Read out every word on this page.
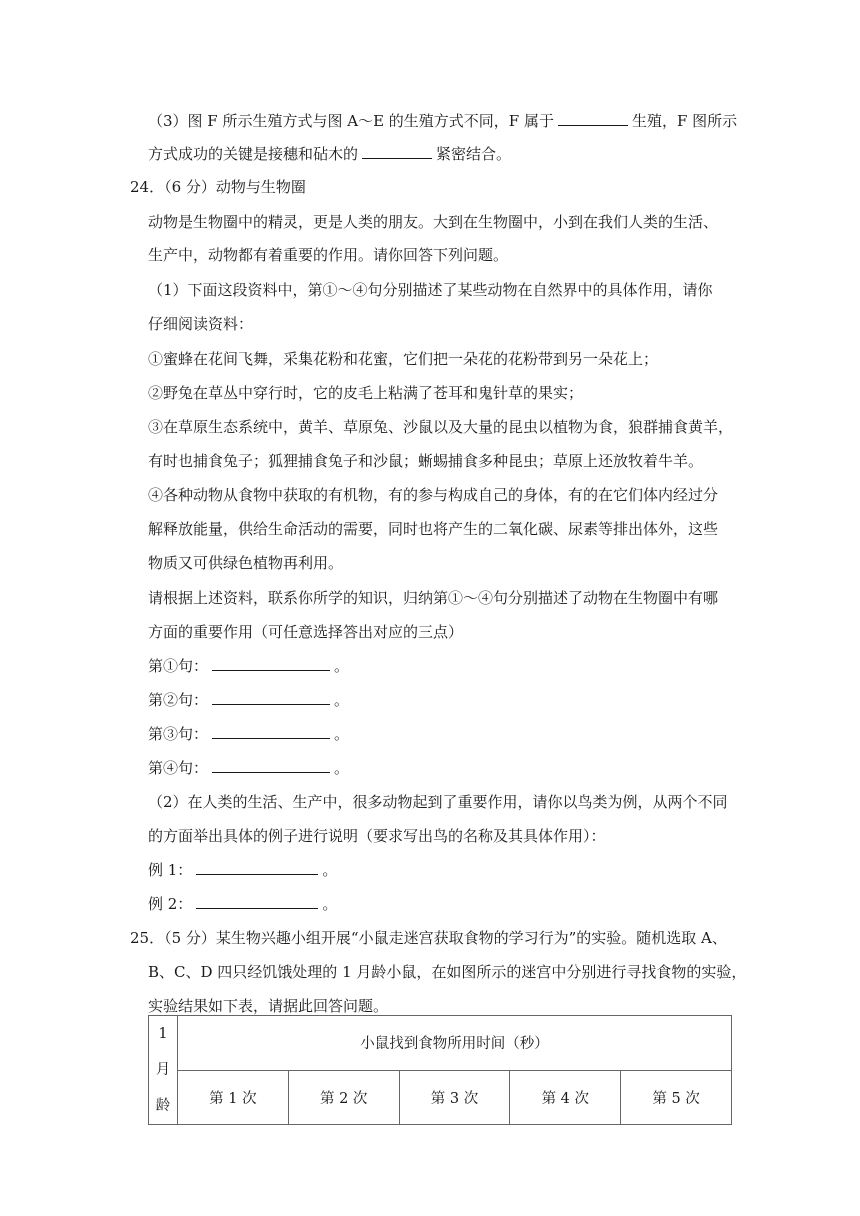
（3）图 F 所示生殖方式与图 A～E 的生殖方式不同，F 属于	生殖，F 图所示
方式成功的关键是接穗和砧木的	紧密结合。
24．（6 分）动物与生物圈
动物是生物圈中的精灵，更是人类的朋友。大到在生物圈中，小到在我们人类的生活、
生产中，动物都有着重要的作用。请你回答下列问题。
（1）下面这段资料中，第①～④句分别描述了某些动物在自然界中的具体作用，请你
仔细阅读资料：
①蜜蜂在花间飞舞，采集花粉和花蜜，它们把一朵花的花粉带到另一朵花上；
②野兔在草丛中穿行时，它的皮毛上粘满了苍耳和鬼针草的果实；
③在草原生态系统中，黄羊、草原兔、沙鼠以及大量的昆虫以植物为食，狼群捕食黄羊，
有时也捕食兔子；狐狸捕食兔子和沙鼠；蜥蜴捕食多种昆虫；草原上还放牧着牛羊。
④各种动物从食物中获取的有机物，有的参与构成自己的身体，有的在它们体内经过分
解释放能量，供给生命活动的需要，同时也将产生的二氧化碳、尿素等排出体外，这些
物质又可供绿色植物再利用。
请根据上述资料，联系你所学的知识，归纳第①～④句分别描述了动物在生物圈中有哪
方面的重要作用（可任意选择答出对应的三点）
第①句：	。
第②句：	。
第③句：	。
第④句：	。
（2）在人类的生活、生产中，很多动物起到了重要作用，请你以鸟类为例，从两个不同
的方面举出具体的例子进行说明（要求写出鸟的名称及其具体作用）：
例 1：	。
例 2：	。
25．（5 分）某生物兴趣小组开展“小鼠走迷宫获取食物的学习行为”的实验。随机选取 A、
B、C、D 四只经饥饿处理的 1 月龄小鼠，在如图所示的迷宫中分别进行寻找食物的实验，
实验结果如下表，请据此回答问题。
1 月
龄	小鼠找到食物所用时间（秒）				
	第 1 次	第 2 次	第 3 次	第 4 次	第 5 次
